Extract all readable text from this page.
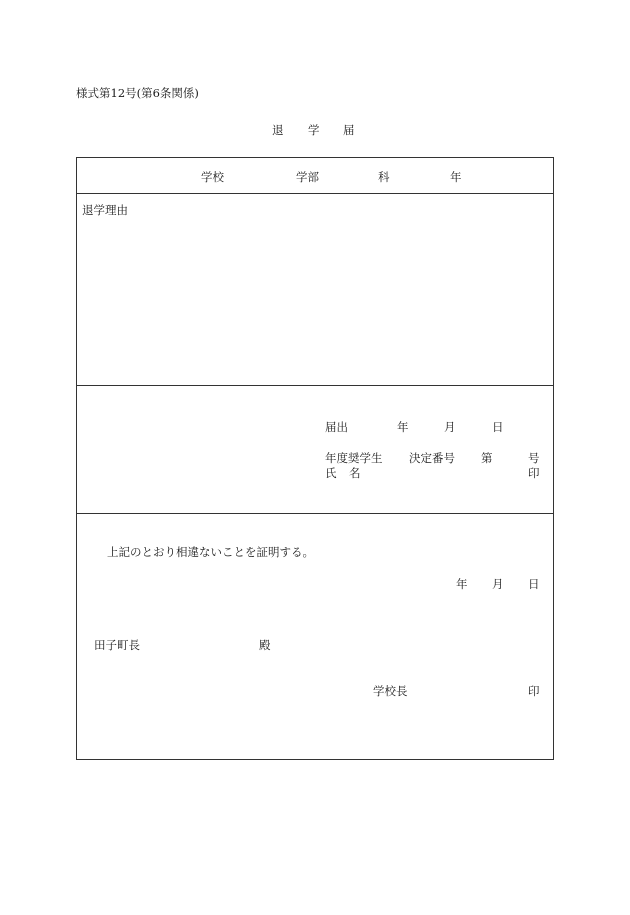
様式第12号(第6条関係)
退 学 届
学校	学部	科	年
退学理由
届出	年	月	日
年度奨学生 決定番号 第	号
氏 名	印
上記のとおり相違ないことを証明する。
年 月 日
田子町長	殿
学校長	印
